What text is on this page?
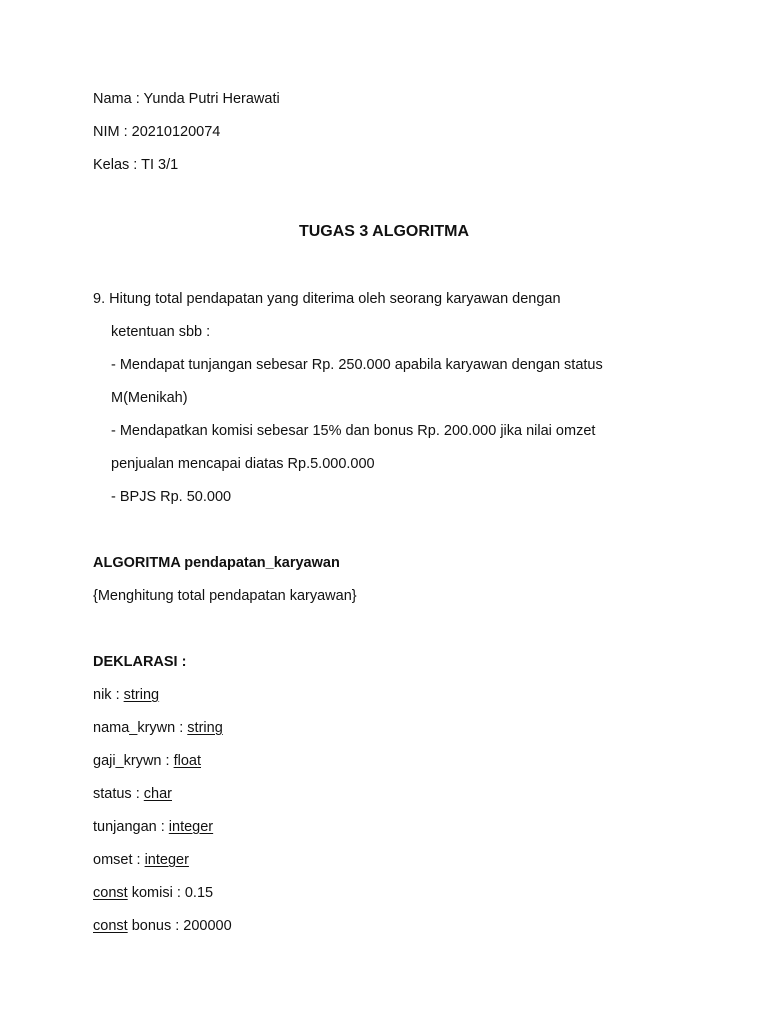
Nama : Yunda Putri Herawati
NIM : 20210120074
Kelas : TI 3/1
TUGAS 3 ALGORITMA
9. Hitung total pendapatan yang diterima oleh seorang karyawan dengan
ketentuan sbb :
- Mendapat tunjangan sebesar Rp. 250.000 apabila karyawan dengan status
M(Menikah)
- Mendapatkan komisi sebesar 15% dan bonus Rp. 200.000 jika nilai omzet
penjualan mencapai diatas Rp.5.000.000
- BPJS Rp. 50.000
ALGORITMA pendapatan_karyawan
{Menghitung total pendapatan karyawan}
DEKLARASI :
nik : string
nama_krywn : string
gaji_krywn : float
status : char
tunjangan : integer
omset : integer
const komisi : 0.15
const bonus : 200000
